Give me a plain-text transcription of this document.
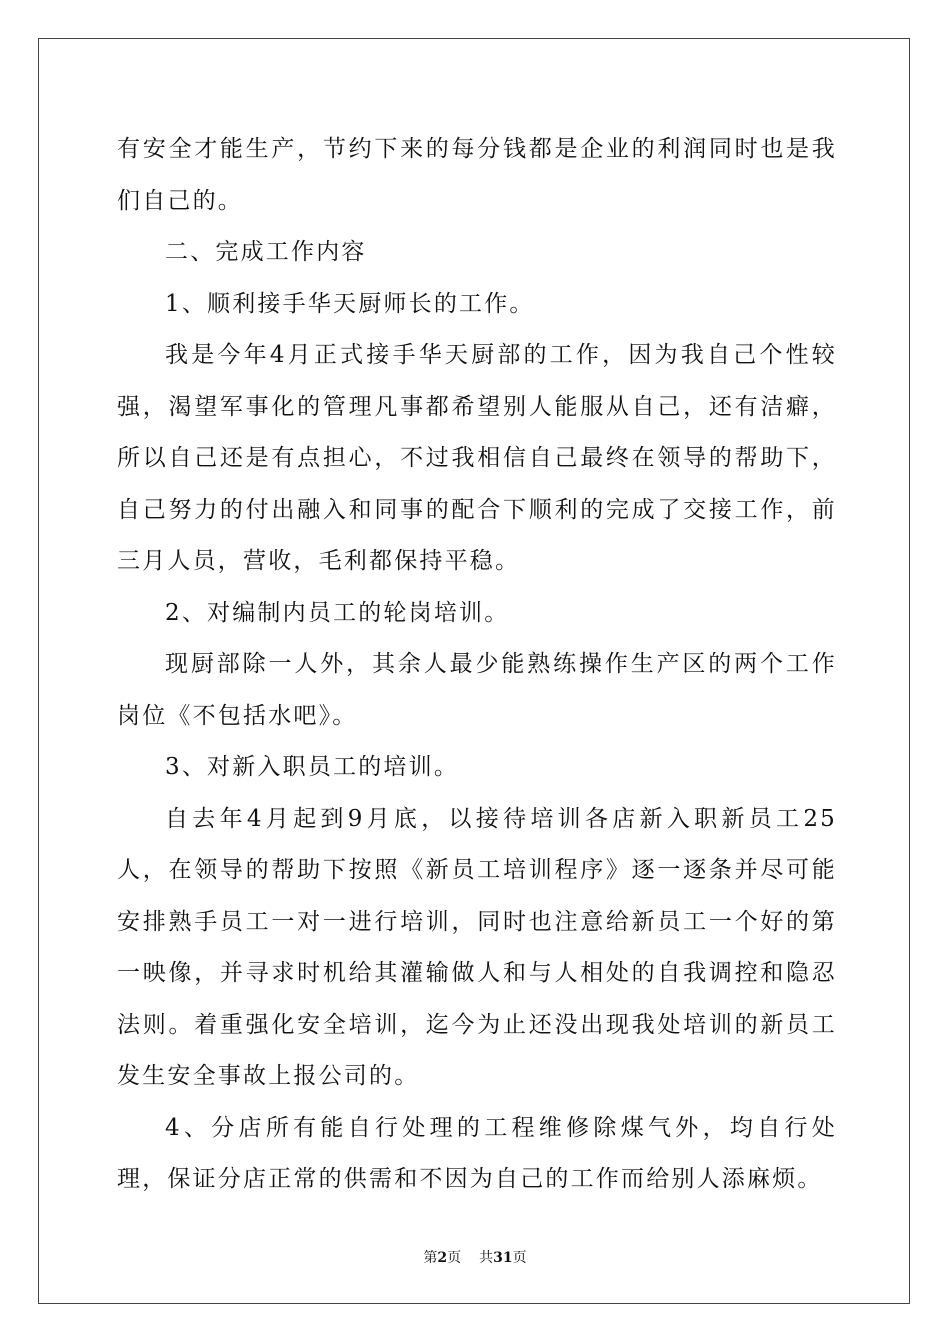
有安全才能生产，节约下来的每分钱都是企业的利润同时也是我们自己的。

二、完成工作内容

1、顺利接手华天厨师长的工作。

我是今年4月正式接手华天厨部的工作，因为我自己个性较强，渴望军事化的管理凡事都希望别人能服从自己，还有洁癖，所以自己还是有点担心，不过我相信自己最终在领导的帮助下，自己努力的付出融入和同事的配合下顺利的完成了交接工作，前三月人员，营收，毛利都保持平稳。

2、对编制内员工的轮岗培训。

现厨部除一人外，其余人最少能熟练操作生产区的两个工作岗位《不包括水吧》。

3、对新入职员工的培训。

自去年4月起到9月底，以接待培训各店新入职新员工25人，在领导的帮助下按照《新员工培训程序》逐一逐条并尽可能安排熟手员工一对一进行培训，同时也注意给新员工一个好的第一映像，并寻求时机给其灌输做人和与人相处的自我调控和隐忍法则。着重强化安全培训，迄今为止还没出现我处培训的新员工发生安全事故上报公司的。

4、分店所有能自行处理的工程维修除煤气外，均自行处理，保证分店正常的供需和不因为自己的工作而给别人添麻烦。

第2页 共31页
